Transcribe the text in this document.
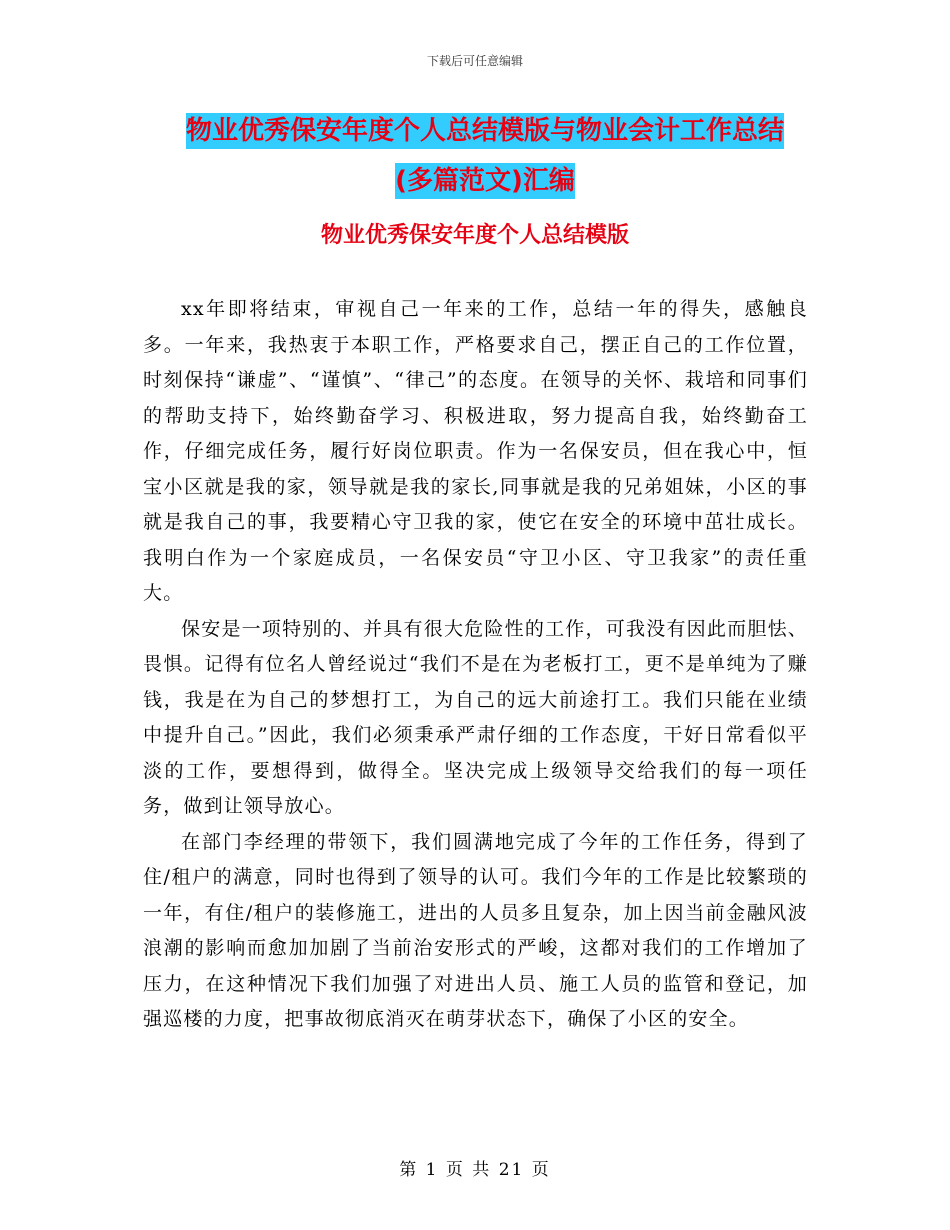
下载后可任意编辑
物业优秀保安年度个人总结模版与物业会计工作总结
(多篇范文)汇编
物业优秀保安年度个人总结模版

xx年即将结束，审视自己一年来的工作，总结一年的得失，感触良多。一年来，我热衷于本职工作，严格要求自己，摆正自己的工作位置，时刻保持“谦虚”、“谨慎”、“律己”的态度。在领导的关怀、栽培和同事们的帮助支持下，始终勤奋学习、积极进取，努力提高自我，始终勤奋工作，仔细完成任务，履行好岗位职责。作为一名保安员，但在我心中，恒宝小区就是我的家，领导就是我的家长,同事就是我的兄弟姐妹，小区的事就是我自己的事，我要精心守卫我的家，使它在安全的环境中茁壮成长。我明白作为一个家庭成员，一名保安员“守卫小区、守卫我家”的责任重大。

保安是一项特别的、并具有很大危险性的工作，可我没有因此而胆怯、畏惧。记得有位名人曾经说过“我们不是在为老板打工，更不是单纯为了赚钱，我是在为自己的梦想打工，为自己的远大前途打工。我们只能在业绩中提升自己。”因此，我们必须秉承严肃仔细的工作态度，干好日常看似平淡的工作，要想得到，做得全。坚决完成上级领导交给我们的每一项任务，做到让领导放心。

在部门李经理的带领下，我们圆满地完成了今年的工作任务，得到了住/租户的满意，同时也得到了领导的认可。我们今年的工作是比较繁琐的一年，有住/租户的装修施工，进出的人员多且复杂，加上因当前金融风波浪潮的影响而愈加加剧了当前治安形式的严峻，这都对我们的工作增加了压力，在这种情况下我们加强了对进出人员、施工人员的监管和登记，加强巡楼的力度，把事故彻底消灭在萌芽状态下，确保了小区的安全。

第 1 页 共 21 页
